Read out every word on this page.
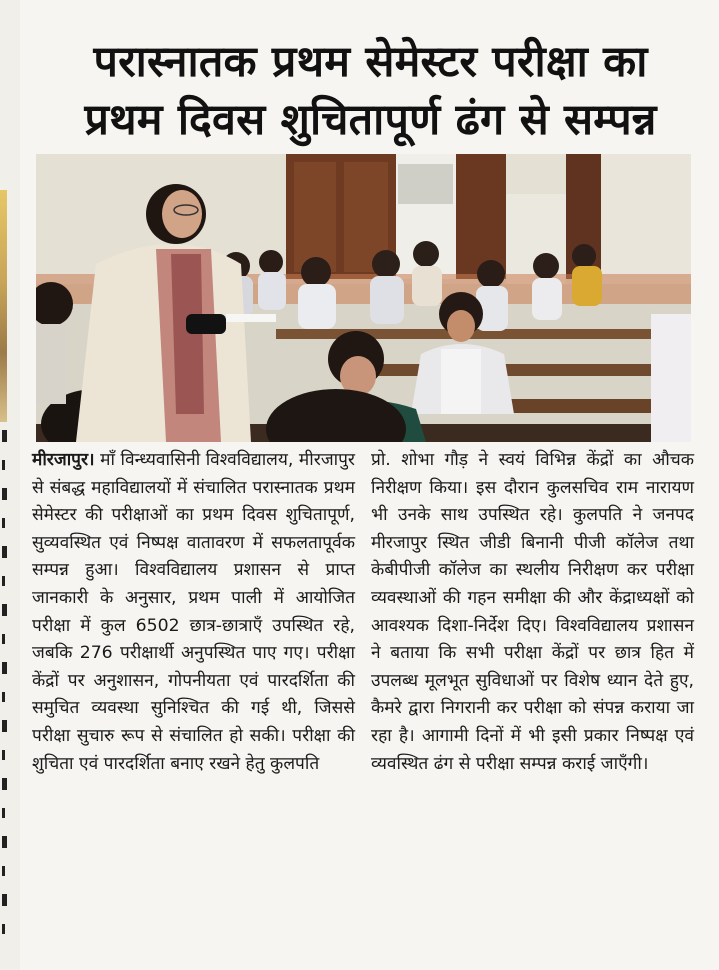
परास्नातक प्रथम सेमेस्टर परीक्षा का
प्रथम दिवस शुचितापूर्ण ढंग से सम्पन्न

मीरजापुर। माँ विन्ध्यवासिनी विश्वविद्यालय, मीरजापुर से संबद्ध महाविद्यालयों में संचालित परास्नातक प्रथम सेमेस्टर की परीक्षाओं का प्रथम दिवस शुचितापूर्ण, सुव्यवस्थित एवं निष्पक्ष वातावरण में सफलतापूर्वक सम्पन्न हुआ। विश्वविद्यालय प्रशासन से प्राप्त जानकारी के अनुसार, प्रथम पाली में आयोजित परीक्षा में कुल 6502 छात्र-छात्राएँ उपस्थित रहे, जबकि 276 परीक्षार्थी अनुपस्थित पाए गए। परीक्षा केंद्रों पर अनुशासन, गोपनीयता एवं पारदर्शिता की समुचित व्यवस्था सुनिश्चित की गई थी, जिससे परीक्षा सुचारु रूप से संचालित हो सकी। परीक्षा की शुचिता एवं पारदर्शिता बनाए रखने हेतु कुलपति

प्रो. शोभा गौड़ ने स्वयं विभिन्न केंद्रों का औचक निरीक्षण किया। इस दौरान कुलसचिव राम नारायण भी उनके साथ उपस्थित रहे। कुलपति ने जनपद मीरजापुर स्थित जीडी बिनानी पीजी कॉलेज तथा केबीपीजी कॉलेज का स्थलीय निरीक्षण कर परीक्षा व्यवस्थाओं की गहन समीक्षा की और केंद्राध्यक्षों को आवश्यक दिशा-निर्देश दिए। विश्वविद्यालय प्रशासन ने बताया कि सभी परीक्षा केंद्रों पर छात्र हित में उपलब्ध मूलभूत सुविधाओं पर विशेष ध्यान देते हुए, कैमरे द्वारा निगरानी कर परीक्षा को संपन्न कराया जा रहा है। आगामी दिनों में भी इसी प्रकार निष्पक्ष एवं व्यवस्थित ढंग से परीक्षा सम्पन्न कराई जाएँगी।
